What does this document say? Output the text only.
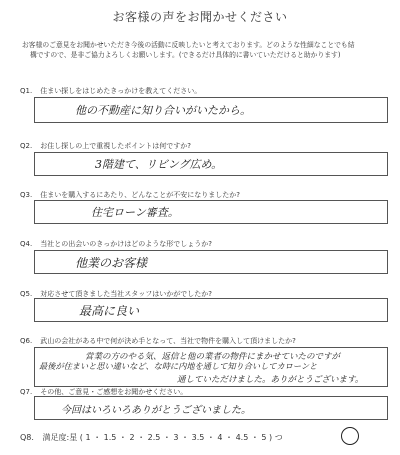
お客様の声をお聞かせください

お客様のご意見をお聞かせいただき今後の活動に反映したいと考えております。どのような性細なことでも結

構ですので、是非ご協力よろしくお願いします。(できるだけ具体的に書いていただけると助かります)

Q1. 住まい探しをはじめたきっかけを教えてください。
他の不動産に知り合いがいたから。
Q2. お住し探しの上で重視したポイントは何ですか?
3階建て、リビング広め。
Q3. 住まいを購入するにあたり、どんなことが不安になりましたか?
住宅ローン審査。
Q4. 当社との出会いのきっかけはどのような形でしょうか?
他業のお客様
Q5. 対応させて頂きました当社スタッフはいかがでしたか?
最高に良い
Q6. 武山の会社がある中で何が決め手となって、当社で物件を購入して頂けましたか?
営業の方のやる気、返信と他の業者の物件にまかせていたのですが
最後が住まいと思い違いなど、な時に内地を通して知り合いしてカローンと
通していただけました。ありがとうございます。
Q7. その他、ご意見・ご感想をお聞かせください。
今回はいろいろありがとうございました。
Q8. 満足度:星 ( 1 ・ 1.5 ・ 2 ・ 2.5 ・ 3 ・ 3.5 ・ 4 ・ 4.5 ・ 5 ) つ
